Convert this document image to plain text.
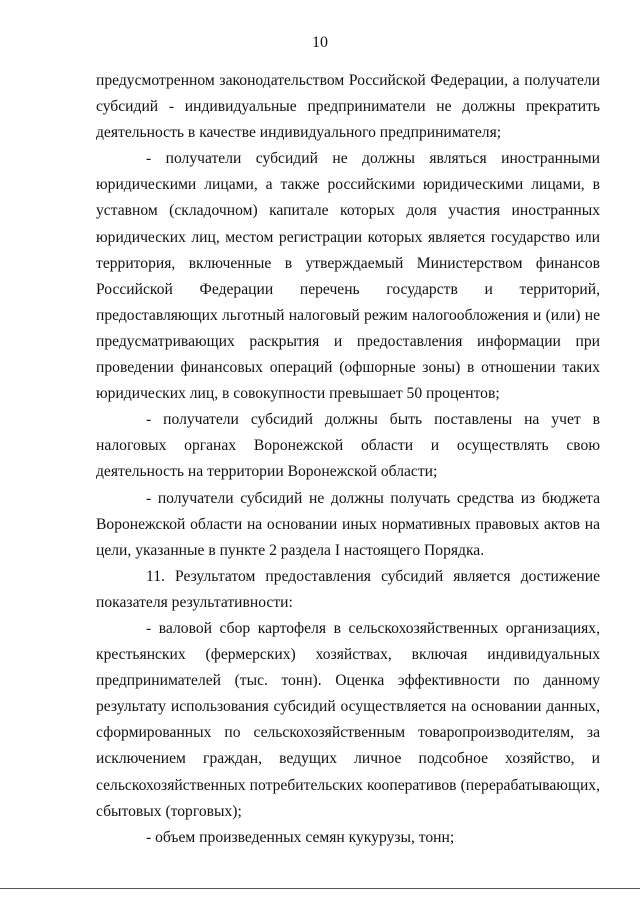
10

предусмотренном законодательством Российской Федерации, а получатели субсидий - индивидуальные предприниматели не должны прекратить деятельность в качестве индивидуального предпринимателя;

- получатели субсидий не должны являться иностранными юридическими лицами, а также российскими юридическими лицами, в уставном (складочном) капитале которых доля участия иностранных юридических лиц, местом регистрации которых является государство или территория, включенные в утверждаемый Министерством финансов Российской Федерации перечень государств и территорий, предоставляющих льготный налоговый режим налогообложения и (или) не предусматривающих раскрытия и предоставления информации при проведении финансовых операций (офшорные зоны) в отношении таких юридических лиц, в совокупности превышает 50 процентов;

- получатели субсидий должны быть поставлены на учет в налоговых органах Воронежской области и осуществлять свою деятельность на территории Воронежской области;

- получатели субсидий не должны получать средства из бюджета Воронежской области на основании иных нормативных правовых актов на цели, указанные в пункте 2 раздела I настоящего Порядка.

11. Результатом предоставления субсидий является достижение показателя результативности:

- валовой сбор картофеля в сельскохозяйственных организациях, крестьянских (фермерских) хозяйствах, включая индивидуальных предпринимателей (тыс. тонн). Оценка эффективности по данному результату использования субсидий осуществляется на основании данных, сформированных по сельскохозяйственным товаропроизводителям, за исключением граждан, ведущих личное подсобное хозяйство, и сельскохозяйственных потребительских кооперативов (перерабатывающих, сбытовых (торговых);

- объем произведенных семян кукурузы, тонн;
